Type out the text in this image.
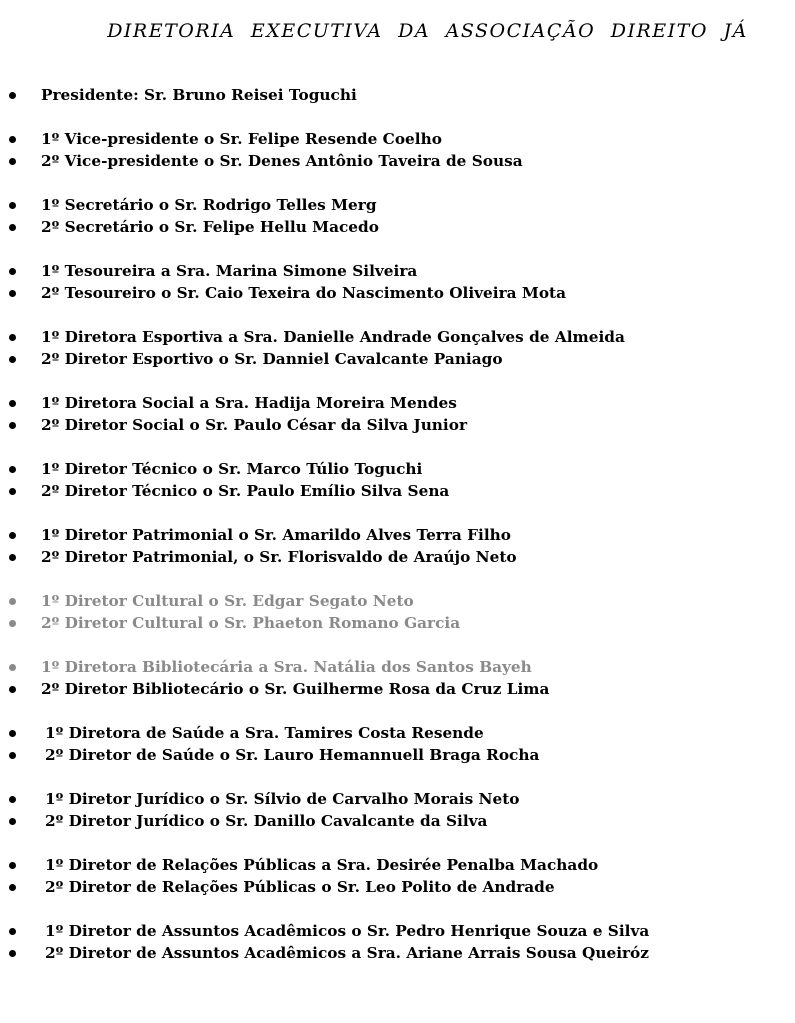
DIRETORIA EXECUTIVA DA ASSOCIAÇÃO DIREITO JÁ
Presidente: Sr. Bruno Reisei Toguchi
1º Vice-presidente o Sr. Felipe Resende Coelho
2º Vice-presidente o Sr. Denes Antônio Taveira de Sousa
1º Secretário o Sr. Rodrigo Telles Merg
2º Secretário o Sr. Felipe Hellu Macedo
1º Tesoureira a Sra. Marina Simone Silveira
2º Tesoureiro o Sr. Caio Texeira do Nascimento Oliveira Mota
1º Diretora Esportiva a Sra. Danielle Andrade Gonçalves de Almeida
2º Diretor Esportivo o Sr. Danniel Cavalcante Paniago
1º Diretora Social a Sra. Hadija Moreira Mendes
2º Diretor Social o Sr. Paulo César da Silva Junior
1º Diretor Técnico o Sr. Marco Túlio Toguchi
2º Diretor Técnico o Sr. Paulo Emílio Silva Sena
1º Diretor Patrimonial o Sr. Amarildo Alves Terra Filho
2º Diretor Patrimonial, o Sr. Florisvaldo de Araújo Neto
1º Diretor Cultural o Sr. Edgar Segato Neto
2º Diretor Cultural o Sr. Phaeton Romano Garcia
1º Diretora Bibliotecária a Sra. Natália dos Santos Bayeh
2º Diretor Bibliotecário o Sr. Guilherme Rosa da Cruz Lima
1º Diretora de Saúde a Sra. Tamires Costa Resende
2º Diretor de Saúde o Sr. Lauro Hemannuell Braga Rocha
1º Diretor Jurídico o Sr. Sílvio de Carvalho Morais Neto
2º Diretor Jurídico o Sr. Danillo Cavalcante da Silva
1º Diretor de Relações Públicas a Sra. Desirée Penalba Machado
2º Diretor de Relações Públicas o Sr. Leo Polito de Andrade
1º Diretor de Assuntos Acadêmicos o Sr. Pedro Henrique Souza e Silva
2º Diretor de Assuntos Acadêmicos a Sra. Ariane Arrais Sousa Queiróz
